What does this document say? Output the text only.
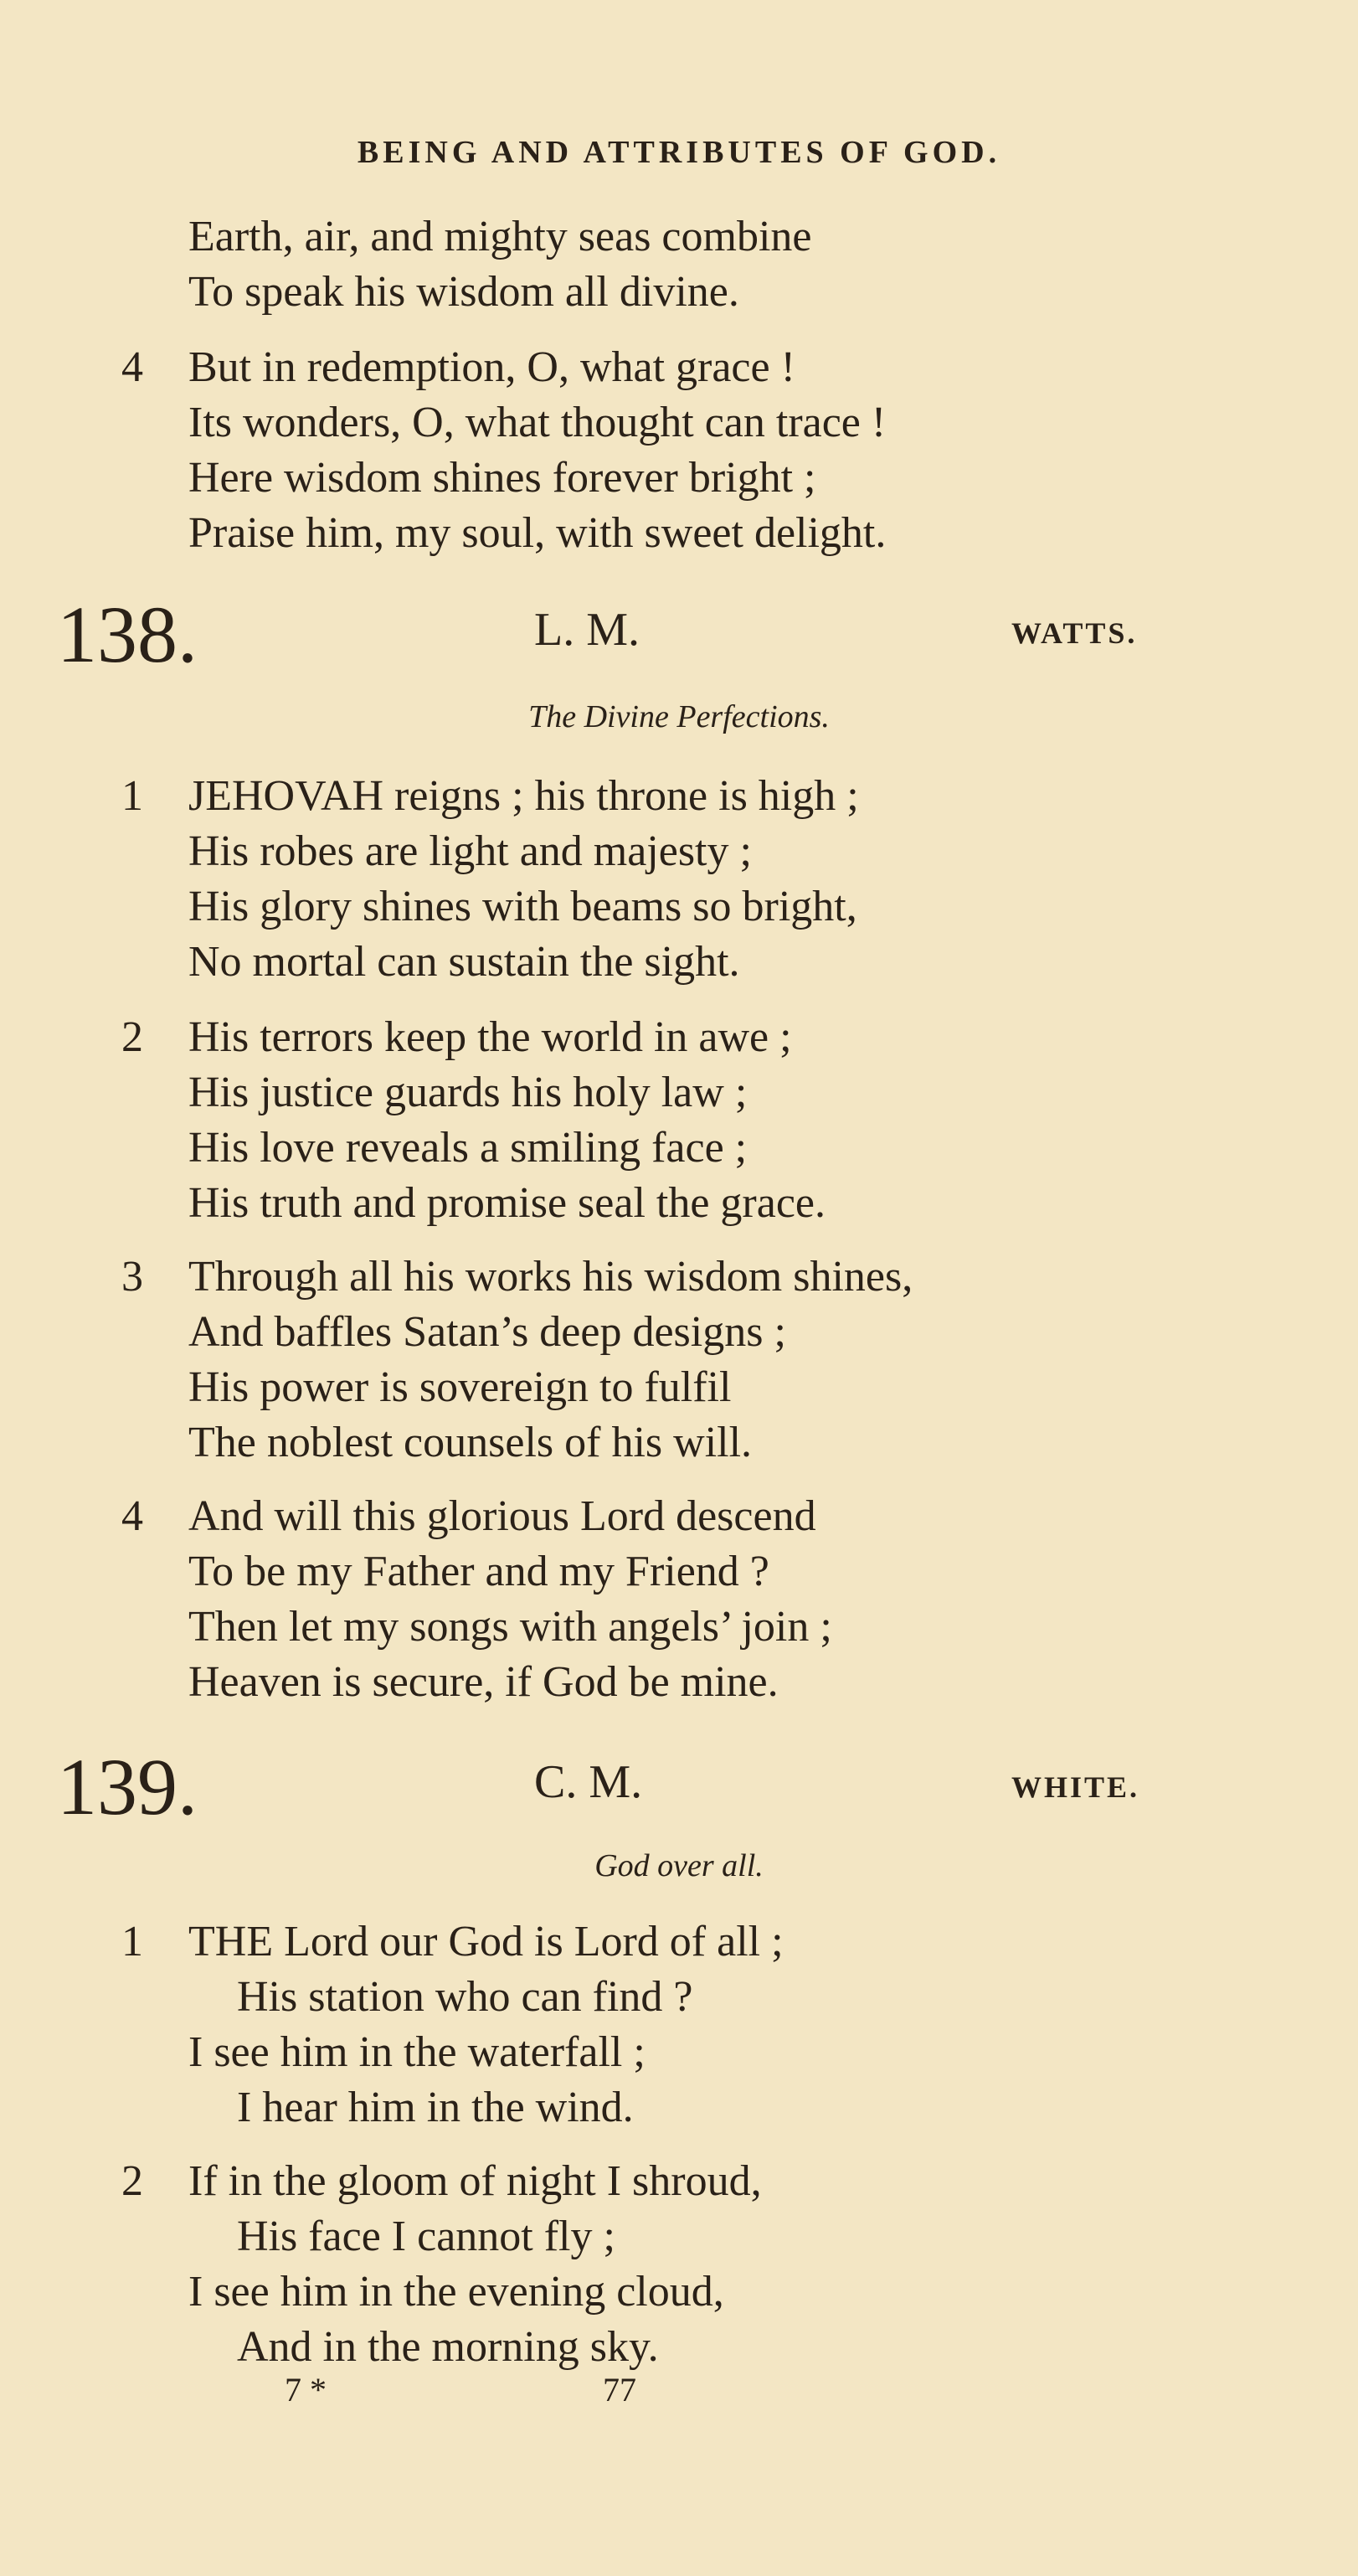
BEING AND ATTRIBUTES OF GOD.
Earth, air, and mighty seas combine
To speak his wisdom all divine.
4 But in redemption, O, what grace !
Its wonders, O, what thought can trace !
Here wisdom shines forever bright ;
Praise him, my soul, with sweet delight.
138.	L. M.	WATTS.
The Divine Perfections.
1 JEHOVAH reigns ; his throne is high ;
His robes are light and majesty ;
His glory shines with beams so bright,
No mortal can sustain the sight.
2 His terrors keep the world in awe ;
His justice guards his holy law ;
His love reveals a smiling face ;
His truth and promise seal the grace.
3 Through all his works his wisdom shines,
And baffles Satan’s deep designs ;
His power is sovereign to fulfil
The noblest counsels of his will.
4 And will this glorious Lord descend
To be my Father and my Friend ?
Then let my songs with angels’ join ;
Heaven is secure, if God be mine.
139.	C. M.	WHITE.
God over all.
1 THE Lord our God is Lord of all ;
His station who can find ?
I see him in the waterfall ;
I hear him in the wind.
2 If in the gloom of night I shroud,
His face I cannot fly ;
I see him in the evening cloud,
And in the morning sky.
7 *	77
